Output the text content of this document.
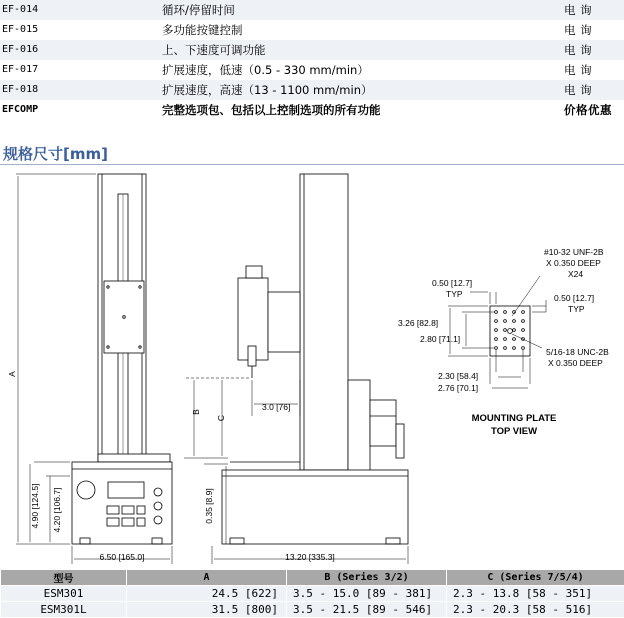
EF-014	循环/停留时间	电 询
EF-015	多功能按键控制	电 询
EF-016	上、下速度可调功能	电 询
EF-017	扩展速度，低速（0.5 - 330 mm/min）	电 询
EF-018	扩展速度，高速（13 - 1100 mm/min）	电 询
EFCOMP	完整选项包、包括以上控制选项的所有功能	价格优惠
规格尺寸[mm]
A
4.90 [124.5] 4.20 [106.7]
6.50 [165.0]
B
C
3.0 [76]
0.35 [8.9]
13.20 [335.3]
0.50 [12.7]
TYP	0.50 [12.7]
TYP
3.26 [82.8]
2.80 [71.1]
2.30 [58.4]
2.76 [70.1]
#10-32 UNF-2B
X 0.350 DEEP
X24
5/16-18 UNC-2B
X 0.350 DEEP
MOUNTING PLATE
TOP VIEW
型号	A	B (Series 3/2)	C (Series 7/5/4)
ESM301	24.5 [622]	3.5 - 15.0 [89 - 381]	2.3 - 13.8 [58 - 351]
ESM301L	31.5 [800]	3.5 - 21.5 [89 - 546]	2.3 - 20.3 [58 - 516]
